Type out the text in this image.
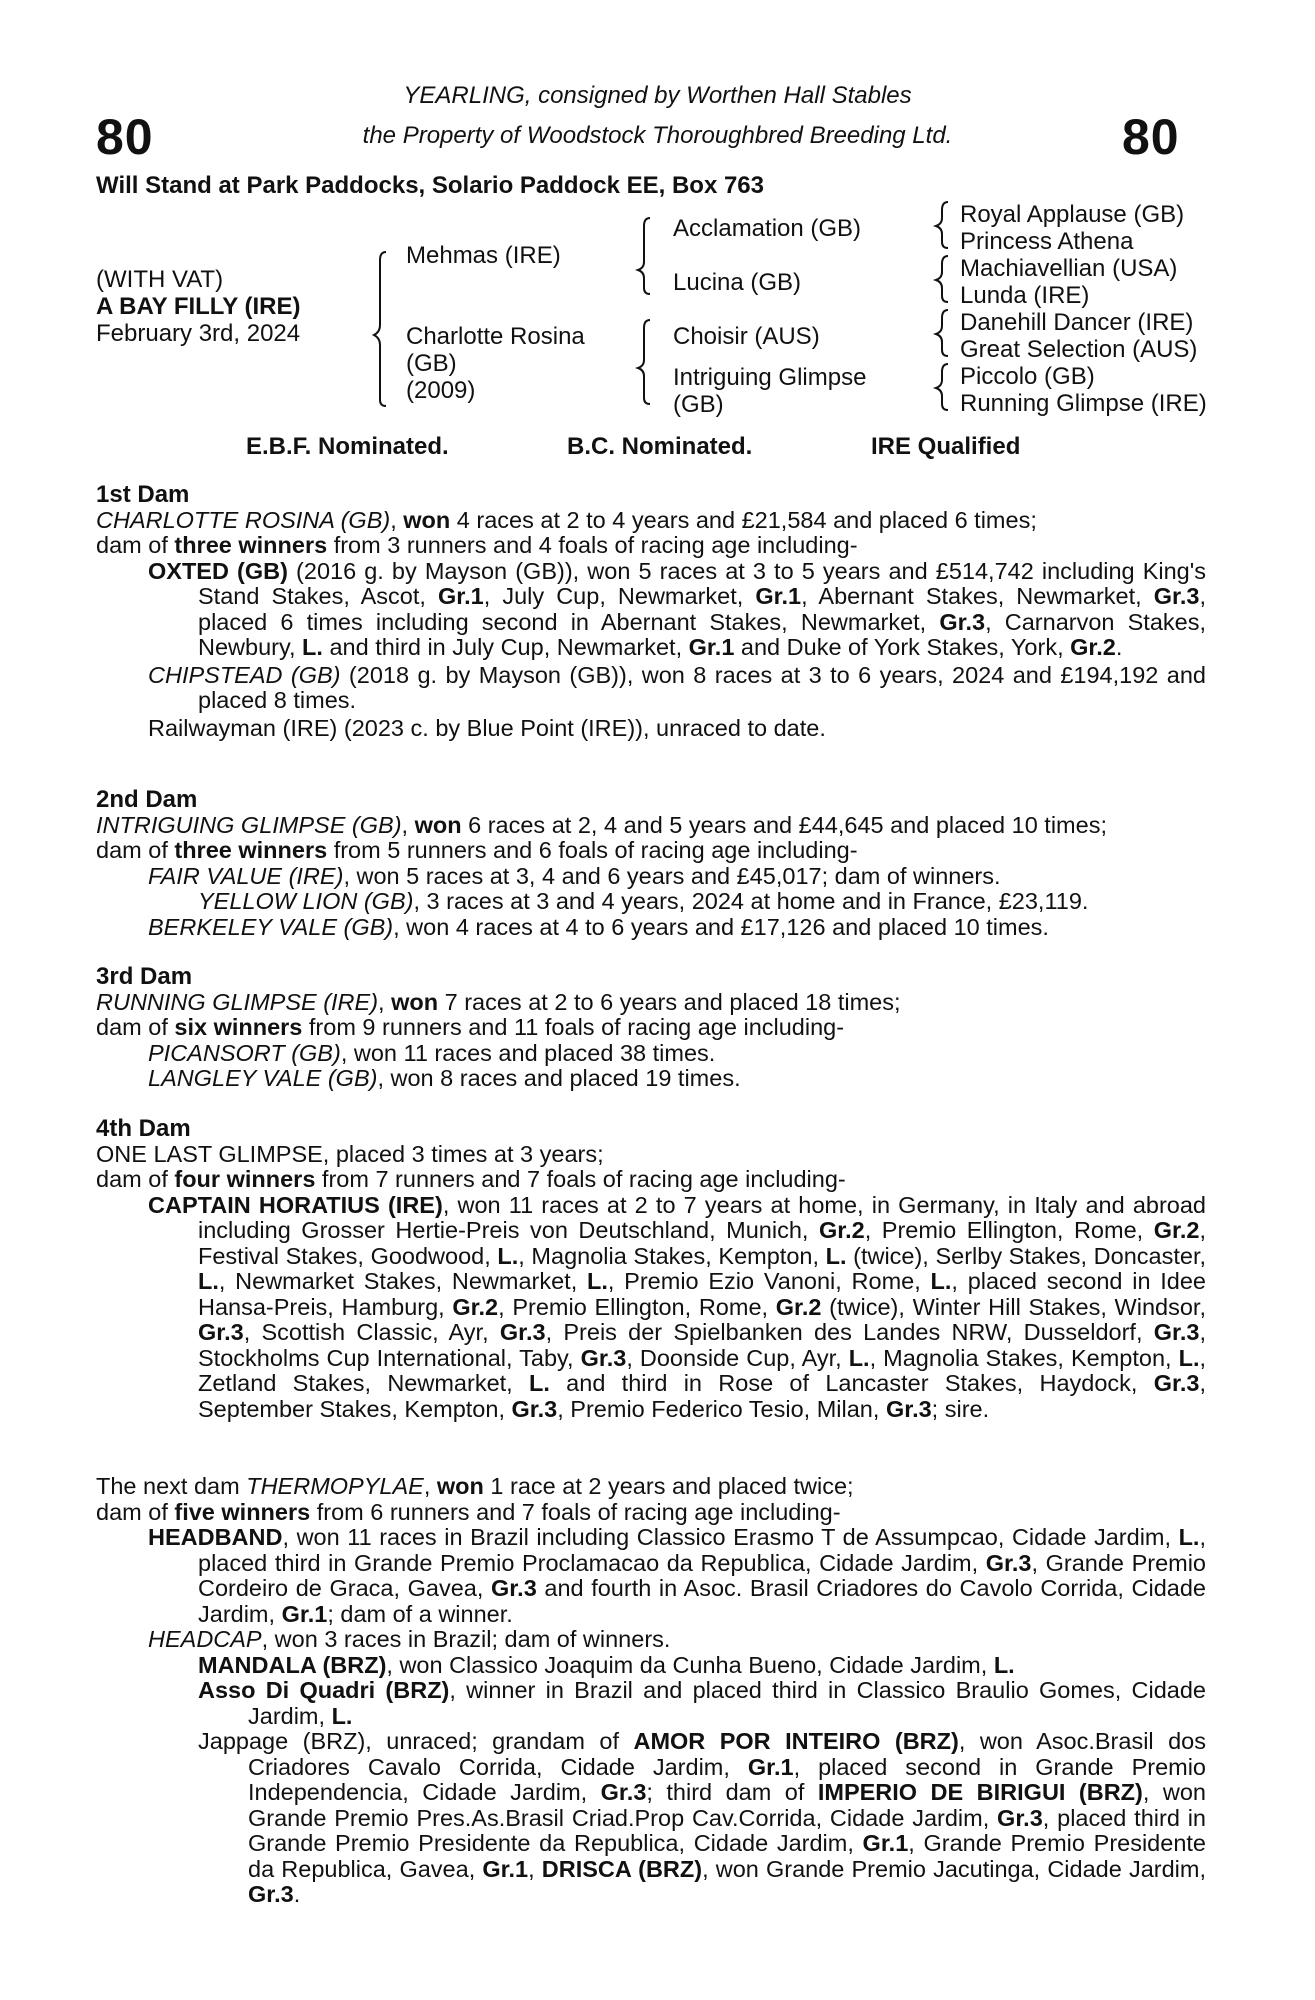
80	80
YEARLING, consigned by Worthen Hall Stables
the Property of Woodstock Thoroughbred Breeding Ltd.
Will Stand at Park Paddocks, Solario Paddock EE, Box 763
(WITH VAT)
A BAY FILLY (IRE)
February 3rd, 2024
Mehmas (IRE)
Charlotte Rosina
(GB)
(2009)
Acclamation (GB)
Lucina (GB)
Choisir (AUS)
Intriguing Glimpse
(GB)
Royal Applause (GB)
Princess Athena
Machiavellian (USA)
Lunda (IRE)
Danehill Dancer (IRE)
Great Selection (AUS)
Piccolo (GB)
Running Glimpse (IRE)
E.B.F. Nominated.	B.C. Nominated.	IRE Qualified

1st Dam

CHARLOTTE ROSINA (GB), won 4 races at 2 to 4 years and £21,584 and placed 6 times;

dam of three winners from 3 runners and 4 foals of racing age including-

OXTED (GB) (2016 g. by Mayson (GB)), won 5 races at 3 to 5 years and £514,742 including King's Stand Stakes, Ascot, Gr.1, July Cup, Newmarket, Gr.1, Abernant Stakes, Newmarket, Gr.3, placed 6 times including second in Abernant Stakes, Newmarket, Gr.3, Carnarvon Stakes, Newbury, L. and third in July Cup, Newmarket, Gr.1 and Duke of York Stakes, York, Gr.2.

CHIPSTEAD (GB) (2018 g. by Mayson (GB)), won 8 races at 3 to 6 years, 2024 and £194,192 and placed 8 times.

Railwayman (IRE) (2023 c. by Blue Point (IRE)), unraced to date.

2nd Dam

INTRIGUING GLIMPSE (GB), won 6 races at 2, 4 and 5 years and £44,645 and placed 10 times;

dam of three winners from 5 runners and 6 foals of racing age including-

FAIR VALUE (IRE), won 5 races at 3, 4 and 6 years and £45,017; dam of winners.

YELLOW LION (GB), 3 races at 3 and 4 years, 2024 at home and in France, £23,119.

BERKELEY VALE (GB), won 4 races at 4 to 6 years and £17,126 and placed 10 times.

3rd Dam

RUNNING GLIMPSE (IRE), won 7 races at 2 to 6 years and placed 18 times;

dam of six winners from 9 runners and 11 foals of racing age including-

PICANSORT (GB), won 11 races and placed 38 times.

LANGLEY VALE (GB), won 8 races and placed 19 times.

4th Dam

ONE LAST GLIMPSE, placed 3 times at 3 years;

dam of four winners from 7 runners and 7 foals of racing age including-

CAPTAIN HORATIUS (IRE), won 11 races at 2 to 7 years at home, in Germany, in Italy and abroad including Grosser Hertie-Preis von Deutschland, Munich, Gr.2, Premio Ellington, Rome, Gr.2, Festival Stakes, Goodwood, L., Magnolia Stakes, Kempton, L. (twice), Serlby Stakes, Doncaster, L., Newmarket Stakes, Newmarket, L., Premio Ezio Vanoni, Rome, L., placed second in Idee Hansa-Preis, Hamburg, Gr.2, Premio Ellington, Rome, Gr.2 (twice), Winter Hill Stakes, Windsor, Gr.3, Scottish Classic, Ayr, Gr.3, Preis der Spielbanken des Landes NRW, Dusseldorf, Gr.3, Stockholms Cup International, Taby, Gr.3, Doonside Cup, Ayr, L., Magnolia Stakes, Kempton, L., Zetland Stakes, Newmarket, L. and third in Rose of Lancaster Stakes, Haydock, Gr.3, September Stakes, Kempton, Gr.3, Premio Federico Tesio, Milan, Gr.3; sire.

The next dam THERMOPYLAE, won 1 race at 2 years and placed twice;

dam of five winners from 6 runners and 7 foals of racing age including-

HEADBAND, won 11 races in Brazil including Classico Erasmo T de Assumpcao, Cidade Jardim, L., placed third in Grande Premio Proclamacao da Republica, Cidade Jardim, Gr.3, Grande Premio Cordeiro de Graca, Gavea, Gr.3 and fourth in Asoc. Brasil Criadores do Cavolo Corrida, Cidade Jardim, Gr.1; dam of a winner.

HEADCAP, won 3 races in Brazil; dam of winners.

MANDALA (BRZ), won Classico Joaquim da Cunha Bueno, Cidade Jardim, L.

Asso Di Quadri (BRZ), winner in Brazil and placed third in Classico Braulio Gomes, Cidade Jardim, L.

Jappage (BRZ), unraced; grandam of AMOR POR INTEIRO (BRZ), won Asoc.Brasil dos Criadores Cavalo Corrida, Cidade Jardim, Gr.1, placed second in Grande Premio Independencia, Cidade Jardim, Gr.3; third dam of IMPERIO DE BIRIGUI (BRZ), won Grande Premio Pres.As.Brasil Criad.Prop Cav.Corrida, Cidade Jardim, Gr.3, placed third in Grande Premio Presidente da Republica, Cidade Jardim, Gr.1, Grande Premio Presidente da Republica, Gavea, Gr.1, DRISCA (BRZ), won Grande Premio Jacutinga, Cidade Jardim, Gr.3.
